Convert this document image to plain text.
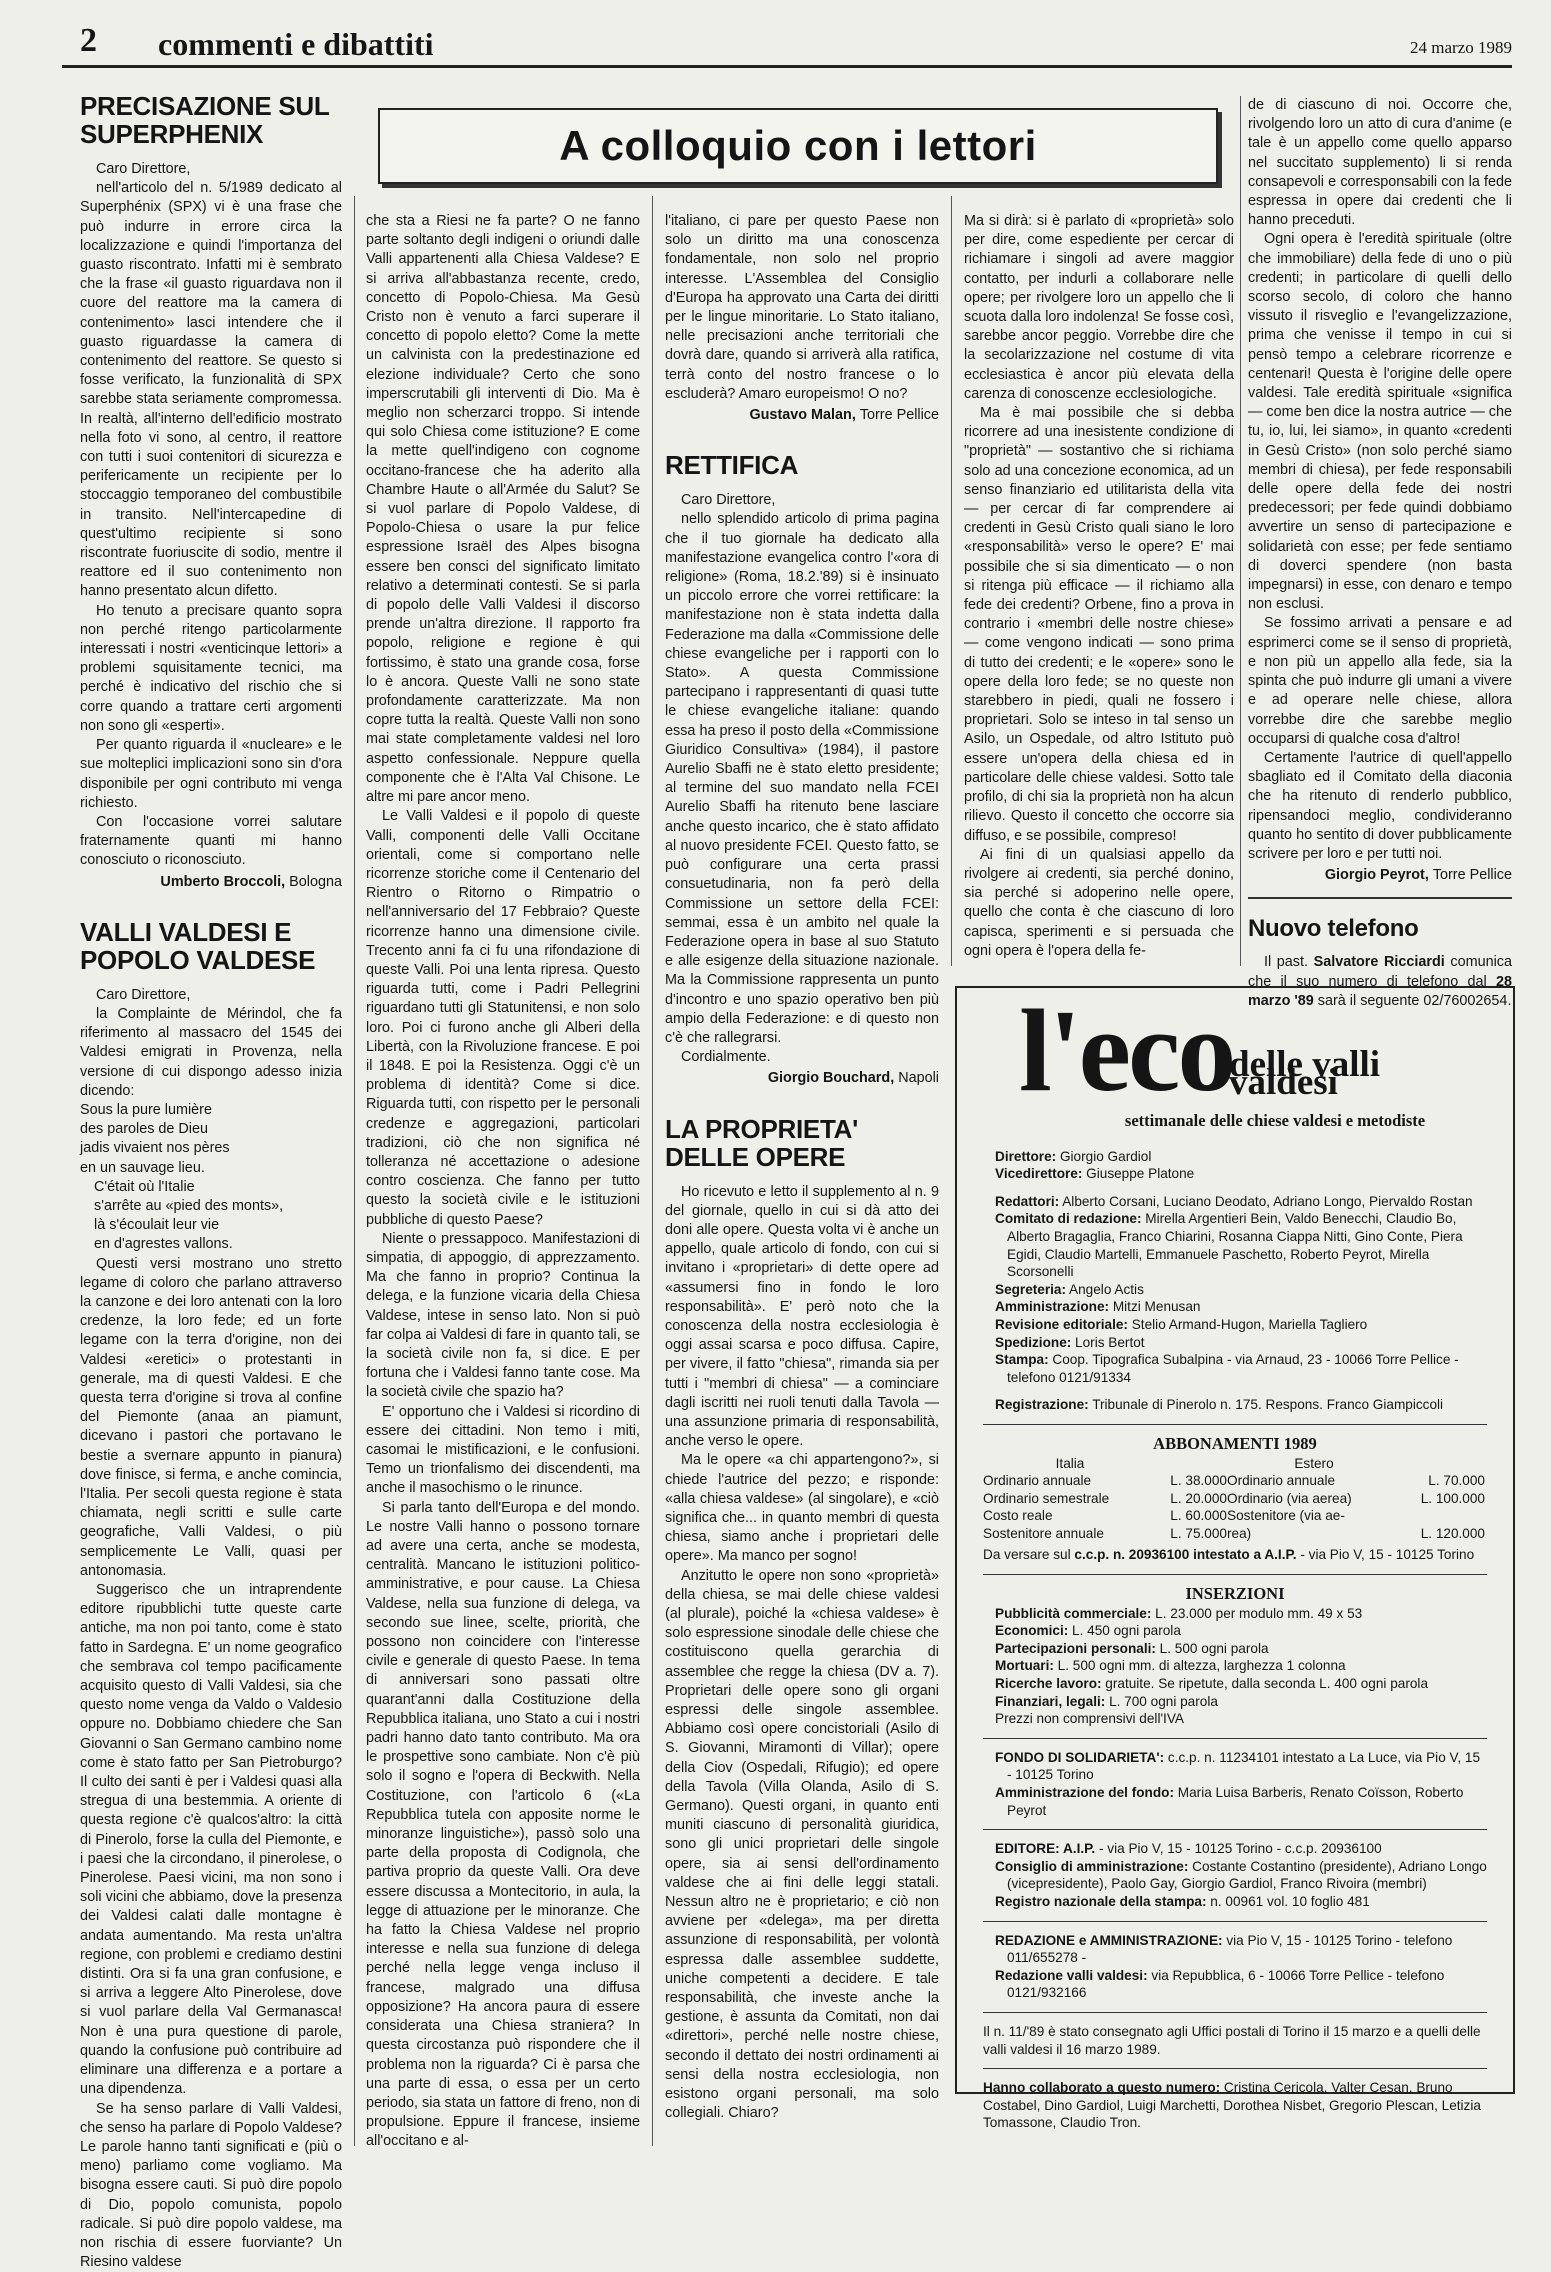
2 commenti e dibattiti	24 marzo 1989
A colloquio con i lettori
PRECISAZIONE SUL SUPERPHENIX

Caro Direttore,

nell'articolo del n. 5/1989 dedicato al Superphénix (SPX) vi è una frase che può indurre in errore circa la localizzazione e quindi l'importanza del guasto riscontrato. Infatti mi è sembrato che la frase «il guasto riguardava non il cuore del reattore ma la camera di contenimento» lasci intendere che il guasto riguardasse la camera di contenimento del reattore. Se questo si fosse verificato, la funzionalità di SPX sarebbe stata seriamente compromessa. In realtà, all'interno dell'edificio mostrato nella foto vi sono, al centro, il reattore con tutti i suoi contenitori di sicurezza e perifericamente un recipiente per lo stoccaggio temporaneo del combustibile in transito. Nell'intercapedine di quest'ultimo recipiente si sono riscontrate fuoriuscite di sodio, mentre il reattore ed il suo contenimento non hanno presentato alcun difetto.

Ho tenuto a precisare quanto sopra non perché ritengo particolarmente interessati i nostri «venticinque lettori» a problemi squisitamente tecnici, ma perché è indicativo del rischio che si corre quando a trattare certi argomenti non sono gli «esperti».

Per quanto riguarda il «nucleare» e le sue molteplici implicazioni sono sin d'ora disponibile per ogni contributo mi venga richiesto.

Con l'occasione vorrei salutare fraternamente quanti mi hanno conosciuto o riconosciuto.

Umberto Broccoli, Bologna
VALLI VALDESI E POPOLO VALDESE

Caro Direttore,

la Complainte de Mérindol, che fa riferimento al massacro del 1545 dei Valdesi emigrati in Provenza, nella versione di cui dispongo adesso inizia dicendo:

Sous la pure lumière
des paroles de Dieu
jadis vivaient nos pères
en un sauvage lieu.
C'était où l'Italie
s'arrête au «pied des monts»,
là s'écoulait leur vie
en d'agrestes vallons.

Questi versi mostrano uno stretto legame di coloro che parlano attraverso la canzone e dei loro antenati con la loro credenze, la loro fede; ed un forte legame con la terra d'origine, non dei Valdesi «eretici» o protestanti in generale, ma di questi Valdesi. E che questa terra d'origine si trova al confine del Piemonte (anaa an piamunt, dicevano i pastori che portavano le bestie a svernare appunto in pianura) dove finisce, si ferma, e anche comincia, l'Italia. Per secoli questa regione è stata chiamata, negli scritti e sulle carte geografiche, Valli Valdesi, o più semplicemente Le Valli, quasi per antonomasia.

Suggerisco che un intraprendente editore ripubblichi tutte queste carte antiche, ma non poi tanto, come è stato fatto in Sardegna. E' un nome geografico che sembrava col tempo pacificamente acquisito questo di Valli Valdesi, sia che questo nome venga da Valdo o Valdesio oppure no. Dobbiamo chiedere che San Giovanni o San Germano cambino nome come è stato fatto per San Pietroburgo? Il culto dei santi è per i Valdesi quasi alla stregua di una bestemmia. A oriente di questa regione c'è qualcos'altro: la città di Pinerolo, forse la culla del Piemonte, e i paesi che la circondano, il pinerolese, o Pinerolese. Paesi vicini, ma non sono i soli vicini che abbiamo, dove la presenza dei Valdesi calati dalle montagne è andata aumentando. Ma resta un'altra regione, con problemi e crediamo destini distinti. Ora si fa una gran confusione, e si arriva a leggere Alto Pinerolese, dove si vuol parlare della Val Germanasca! Non è una pura questione di parole, quando la confusione può contribuire ad eliminare una differenza e a portare a una dipendenza.

Se ha senso parlare di Valli Valdesi, che senso ha parlare di Popolo Valdese? Le parole hanno tanti significati e (più o meno) parliamo come vogliamo. Ma bisogna essere cauti. Si può dire popolo di Dio, popolo comunista, popolo radicale. Si può dire popolo valdese, ma non rischia di essere fuorviante? Un Riesino valdese

che sta a Riesi ne fa parte? O ne fanno parte soltanto degli indigeni o oriundi dalle Valli appartenenti alla Chiesa Valdese? E si arriva all'abbastanza recente, credo, concetto di Popolo-Chiesa. Ma Gesù Cristo non è venuto a farci superare il concetto di popolo eletto? Come la mette un calvinista con la predestinazione ed elezione individuale? Certo che sono imperscrutabili gli interventi di Dio. Ma è meglio non scherzarci troppo. Si intende qui solo Chiesa come istituzione? E come la mette quell'indigeno con cognome occitano-francese che ha aderito alla Chambre Haute o all'Armée du Salut? Se si vuol parlare di Popolo Valdese, di Popolo-Chiesa o usare la pur felice espressione Israël des Alpes bisogna essere ben consci del significato limitato relativo a determinati contesti. Se si parla di popolo delle Valli Valdesi il discorso prende un'altra direzione. Il rapporto fra popolo, religione e regione è qui fortissimo, è stato una grande cosa, forse lo è ancora. Queste Valli ne sono state profondamente caratterizzate. Ma non copre tutta la realtà. Queste Valli non sono mai state completamente valdesi nel loro aspetto confessionale. Neppure quella componente che è l'Alta Val Chisone. Le altre mi pare ancor meno.

Le Valli Valdesi e il popolo di queste Valli, componenti delle Valli Occitane orientali, come si comportano nelle ricorrenze storiche come il Centenario del Rientro o Ritorno o Rimpatrio o nell'anniversario del 17 Febbraio? Queste ricorrenze hanno una dimensione civile. Trecento anni fa ci fu una rifondazione di queste Valli. Poi una lenta ripresa. Questo riguarda tutti, come i Padri Pellegrini riguardano tutti gli Statunitensi, e non solo loro. Poi ci furono anche gli Alberi della Libertà, con la Rivoluzione francese. E poi il 1848. E poi la Resistenza. Oggi c'è un problema di identità? Come si dice. Riguarda tutti, con rispetto per le personali credenze e aggregazioni, particolari tradizioni, ciò che non significa né tolleranza né accettazione o adesione contro coscienza. Che fanno per tutto questo la società civile e le istituzioni pubbliche di questo Paese?

Niente o pressappoco. Manifestazioni di simpatia, di appoggio, di apprezzamento. Ma che fanno in proprio? Continua la delega, e la funzione vicaria della Chiesa Valdese, intese in senso lato. Non si può far colpa ai Valdesi di fare in quanto tali, se la società civile non fa, si dice. E per fortuna che i Valdesi fanno tante cose. Ma la società civile che spazio ha?

E' opportuno che i Valdesi si ricordino di essere dei cittadini. Non temo i miti, casomai le mistificazioni, e le confusioni. Temo un trionfalismo dei discendenti, ma anche il masochismo o le rinunce.

Si parla tanto dell'Europa e del mondo. Le nostre Valli hanno o possono tornare ad avere una certa, anche se modesta, centralità. Mancano le istituzioni politico-amministrative, e pour cause. La Chiesa Valdese, nella sua funzione di delega, va secondo sue linee, scelte, priorità, che possono non coincidere con l'interesse civile e generale di questo Paese. In tema di anniversari sono passati oltre quarant'anni dalla Costituzione della Repubblica italiana, uno Stato a cui i nostri padri hanno dato tanto contributo. Ma ora le prospettive sono cambiate. Non c'è più solo il sogno e l'opera di Beckwith. Nella Costituzione, con l'articolo 6 («La Repubblica tutela con apposite norme le minoranze linguistiche»), passò solo una parte della proposta di Codignola, che partiva proprio da queste Valli. Ora deve essere discussa a Montecitorio, in aula, la legge di attuazione per le minoranze. Che ha fatto la Chiesa Valdese nel proprio interesse e nella sua funzione di delega perché nella legge venga incluso il francese, malgrado una diffusa opposizione? Ha ancora paura di essere considerata una Chiesa straniera? In questa circostanza può rispondere che il problema non la riguarda? Ci è parsa che una parte di essa, o essa per un certo periodo, sia stata un fattore di freno, non di propulsione. Eppure il francese, insieme all'occitano e al-

l'italiano, ci pare per questo Paese non solo un diritto ma una conoscenza fondamentale, non solo nel proprio interesse. L'Assemblea del Consiglio d'Europa ha approvato una Carta dei diritti per le lingue minoritarie. Lo Stato italiano, nelle precisazioni anche territoriali che dovrà dare, quando si arriverà alla ratifica, terrà conto del nostro francese o lo escluderà? Amaro europeismo! O no?

Gustavo Malan, Torre Pellice
RETTIFICA

Caro Direttore,

nello splendido articolo di prima pagina che il tuo giornale ha dedicato alla manifestazione evangelica contro l'«ora di religione» (Roma, 18.2.'89) si è insinuato un piccolo errore che vorrei rettificare: la manifestazione non è stata indetta dalla Federazione ma dalla «Commissione delle chiese evangeliche per i rapporti con lo Stato». A questa Commissione partecipano i rappresentanti di quasi tutte le chiese evangeliche italiane: quando essa ha preso il posto della «Commissione Giuridico Consultiva» (1984), il pastore Aurelio Sbaffi ne è stato eletto presidente; al termine del suo mandato nella FCEI Aurelio Sbaffi ha ritenuto bene lasciare anche questo incarico, che è stato affidato al nuovo presidente FCEI. Questo fatto, se può configurare una certa prassi consuetudinaria, non fa però della Commissione un settore della FCEI: semmai, essa è un ambito nel quale la Federazione opera in base al suo Statuto e alle esigenze della situazione nazionale. Ma la Commissione rappresenta un punto d'incontro e uno spazio operativo ben più ampio della Federazione: e di questo non c'è che rallegrarsi.

Cordialmente.

Giorgio Bouchard, Napoli
LA PROPRIETA' DELLE OPERE

Ho ricevuto e letto il supplemento al n. 9 del giornale, quello in cui si dà atto dei doni alle opere. Questa volta vi è anche un appello, quale articolo di fondo, con cui si invitano i «proprietari» di dette opere ad «assumersi fino in fondo le loro responsabilità». E' però noto che la conoscenza della nostra ecclesiologia è oggi assai scarsa e poco diffusa. Capire, per vivere, il fatto "chiesa", rimanda sia per tutti i "membri di chiesa" — a cominciare dagli iscritti nei ruoli tenuti dalla Tavola — una assunzione primaria di responsabilità, anche verso le opere.

Ma le opere «a chi appartengono?», si chiede l'autrice del pezzo; e risponde: «alla chiesa valdese» (al singolare), e «ciò significa che... in quanto membri di questa chiesa, siamo anche i proprietari delle opere». Ma manco per sogno!

Anzitutto le opere non sono «proprietà» della chiesa, se mai delle chiese valdesi (al plurale), poiché la «chiesa valdese» è solo espressione sinodale delle chiese che costituiscono quella gerarchia di assemblee che regge la chiesa (DV a. 7). Proprietari delle opere sono gli organi espressi delle singole assemblee. Abbiamo così opere concistoriali (Asilo di S. Giovanni, Miramonti di Villar); opere della Ciov (Ospedali, Rifugio); ed opere della Tavola (Villa Olanda, Asilo di S. Germano). Questi organi, in quanto enti muniti ciascuno di personalità giuridica, sono gli unici proprietari delle singole opere, sia ai sensi dell'ordinamento valdese che ai fini delle leggi statali. Nessun altro ne è proprietario; e ciò non avviene per «delega», ma per diretta assunzione di responsabilità, per volontà espressa dalle assemblee suddette, uniche competenti a decidere. E tale responsabilità, che investe anche la gestione, è assunta da Comitati, non dai «direttori», perché nelle nostre chiese, secondo il dettato dei nostri ordinamenti ai sensi della nostra ecclesiologia, non esistono organi personali, ma solo collegiali. Chiaro?

Ma si dirà: si è parlato di «proprietà» solo per dire, come espediente per cercar di richiamare i singoli ad avere maggior contatto, per indurli a collaborare nelle opere; per rivolgere loro un appello che li scuota dalla loro indolenza! Se fosse così, sarebbe ancor peggio. Vorrebbe dire che la secolarizzazione nel costume di vita ecclesiastica è ancor più elevata della carenza di conoscenze ecclesiologiche.

Ma è mai possibile che si debba ricorrere ad una inesistente condizione di "proprietà" — sostantivo che si richiama solo ad una concezione economica, ad un senso finanziario ed utilitarista della vita — per cercar di far comprendere ai credenti in Gesù Cristo quali siano le loro «responsabilità» verso le opere? E' mai possibile che si sia dimenticato — o non si ritenga più efficace — il richiamo alla fede dei credenti? Orbene, fino a prova in contrario i «membri delle nostre chiese» — come vengono indicati — sono prima di tutto dei credenti; e le «opere» sono le opere della loro fede; se no queste non starebbero in piedi, quali ne fossero i proprietari. Solo se inteso in tal senso un Asilo, un Ospedale, od altro Istituto può essere un'opera della chiesa ed in particolare delle chiese valdesi. Sotto tale profilo, di chi sia la proprietà non ha alcun rilievo. Questo il concetto che occorre sia diffuso, e se possibile, compreso!

Ai fini di un qualsiasi appello da rivolgere ai credenti, sia perché donino, sia perché si adoperino nelle opere, quello che conta è che ciascuno di loro capisca, sperimenti e si persuada che ogni opera è l'opera della fe-

de di ciascuno di noi. Occorre che, rivolgendo loro un atto di cura d'anime (e tale è un appello come quello apparso nel succitato supplemento) li si renda consapevoli e corresponsabili con la fede espressa in opere dai credenti che li hanno preceduti.

Ogni opera è l'eredità spirituale (oltre che immobiliare) della fede di uno o più credenti; in particolare di quelli dello scorso secolo, di coloro che hanno vissuto il risveglio e l'evangelizzazione, prima che venisse il tempo in cui si pensò tempo a celebrare ricorrenze e centenari! Questa è l'origine delle opere valdesi. Tale eredità spirituale «significa — come ben dice la nostra autrice — che tu, io, lui, lei siamo», in quanto «credenti in Gesù Cristo» (non solo perché siamo membri di chiesa), per fede responsabili delle opere della fede dei nostri predecessori; per fede quindi dobbiamo avvertire un senso di partecipazione e solidarietà con esse; per fede sentiamo di doverci spendere (non basta impegnarsi) in esse, con denaro e tempo non esclusi.

Se fossimo arrivati a pensare e ad esprimerci come se il senso di proprietà, e non più un appello alla fede, sia la spinta che può indurre gli umani a vivere e ad operare nelle chiese, allora vorrebbe dire che sarebbe meglio occuparsi di qualche cosa d'altro!

Certamente l'autrice di quell'appello sbagliato ed il Comitato della diaconia che ha ritenuto di renderlo pubblico, ripensandoci meglio, condivideranno quanto ho sentito di dover pubblicamente scrivere per loro e per tutti noi.

Giorgio Peyrot, Torre Pellice
Nuovo telefono

Il past. Salvatore Ricciardi comunica che il suo numero di telefono dal 28 marzo '89 sarà il seguente 02/76002654.

l'eco
delle valli valdesi
settimanale delle chiese valdesi e metodiste
Direttore: Giorgio Gardiol
Vicedirettore: Giuseppe Platone
Redattori: Alberto Corsani, Luciano Deodato, Adriano Longo, Piervaldo Rostan
Comitato di redazione: Mirella Argentieri Bein, Valdo Benecchi, Claudio Bo, Alberto Bragaglia, Franco Chiarini, Rosanna Ciappa Nitti, Gino Conte, Piera Egidi, Claudio Martelli, Emmanuele Paschetto, Roberto Peyrot, Mirella Scorsonelli
Segreteria: Angelo Actis
Amministrazione: Mitzi Menusan
Revisione editoriale: Stelio Armand-Hugon, Mariella Tagliero
Spedizione: Loris Bertot
Stampa: Coop. Tipografica Subalpina - via Arnaud, 23 - 10066 Torre Pellice - telefono 0121/91334
Registrazione: Tribunale di Pinerolo n. 175. Respons. Franco Giampiccoli
ABBONAMENTI 1989
Italia	Estero
Ordinario annuale	L. 38.000 Ordinario annuale	L. 70.000
Ordinario semestrale	L. 20.000 Ordinario (via aerea)	L. 100.000
Costo reale	L. 60.000 Sostenitore (via ae-
Sostenitore annuale	L. 75.000 rea)	L. 120.000
Da versare sul c.c.p. n. 20936100 intestato a A.I.P. - via Pio V, 15 - 10125 Torino
INSERZIONI
Pubblicità commerciale: L. 23.000 per modulo mm. 49 x 53
Economici: L. 450 ogni parola
Partecipazioni personali: L. 500 ogni parola
Mortuari: L. 500 ogni mm. di altezza, larghezza 1 colonna
Ricerche lavoro: gratuite. Se ripetute, dalla seconda L. 400 ogni parola
Finanziari, legali: L. 700 ogni parola
Prezzi non comprensivi dell'IVA
FONDO DI SOLIDARIETA': c.c.p. n. 11234101 intestato a La Luce, via Pio V, 15 - 10125 Torino
Amministrazione del fondo: Maria Luisa Barberis, Renato Coïsson, Roberto Peyrot
EDITORE: A.I.P. - via Pio V, 15 - 10125 Torino - c.c.p. 20936100
Consiglio di amministrazione: Costante Costantino (presidente), Adriano Longo (vicepresidente), Paolo Gay, Giorgio Gardiol, Franco Rivoira (membri)
Registro nazionale della stampa: n. 00961 vol. 10 foglio 481
REDAZIONE e AMMINISTRAZIONE: via Pio V, 15 - 10125 Torino - telefono 011/655278 -
Redazione valli valdesi: via Repubblica, 6 - 10066 Torre Pellice - telefono 0121/932166
Il n. 11/'89 è stato consegnato agli Uffici postali di Torino il 15 marzo e a quelli delle valli valdesi il 16 marzo 1989.
Hanno collaborato a questo numero: Cristina Cericola, Valter Cesan, Bruno Costabel, Dino Gardiol, Luigi Marchetti, Dorothea Nisbet, Gregorio Plescan, Letizia Tomassone, Claudio Tron.
